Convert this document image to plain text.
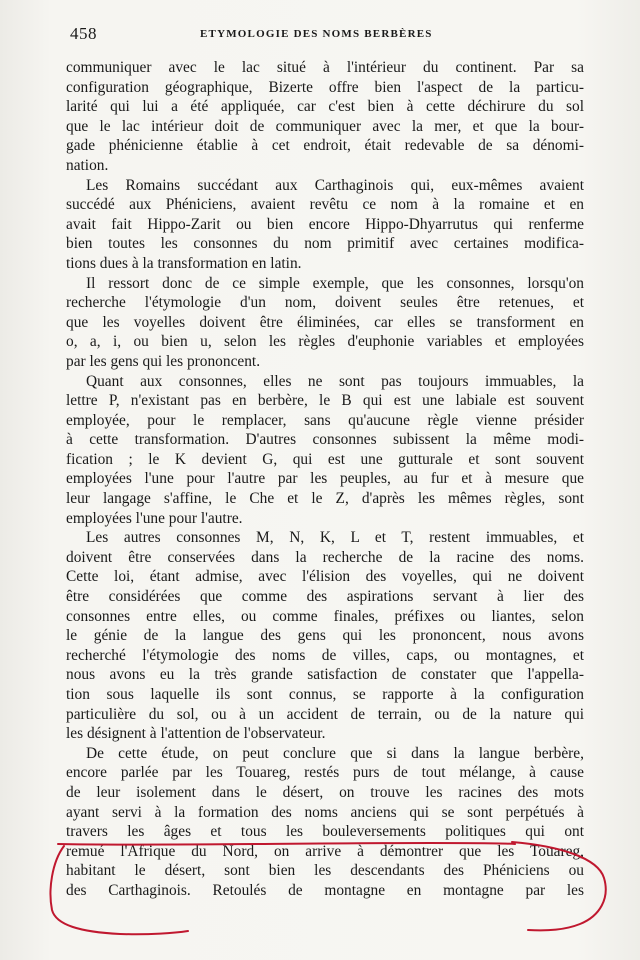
458	ETYMOLOGIE DES NOMS BERBÈRES
communiquer avec le lac situé à l'intérieur du continent. Par sa
configuration géographique, Bizerte offre bien l'aspect de la particu-
larité qui lui a été appliquée, car c'est bien à cette déchirure du sol
que le lac intérieur doit de communiquer avec la mer, et que la bour-
gade phénicienne établie à cet endroit, était redevable de sa dénomi-
nation.
Les Romains succédant aux Carthaginois qui, eux-mêmes avaient
succédé aux Phéniciens, avaient revêtu ce nom à la romaine et en
avait fait Hippo-Zarit ou bien encore Hippo-Dhyarrutus qui renferme
bien toutes les consonnes du nom primitif avec certaines modifica-
tions dues à la transformation en latin.
Il ressort donc de ce simple exemple, que les consonnes, lorsqu'on
recherche l'étymologie d'un nom, doivent seules être retenues, et
que les voyelles doivent être éliminées, car elles se transforment en
o, a, i, ou bien u, selon les règles d'euphonie variables et employées
par les gens qui les prononcent.
Quant aux consonnes, elles ne sont pas toujours immuables, la
lettre P, n'existant pas en berbère, le B qui est une labiale est souvent
employée, pour le remplacer, sans qu'aucune règle vienne présider
à cette transformation. D'autres consonnes subissent la même modi-
fication ; le K devient G, qui est une gutturale et sont souvent
employées l'une pour l'autre par les peuples, au fur et à mesure que
leur langage s'affine, le Che et le Z, d'après les mêmes règles, sont
employées l'une pour l'autre.
Les autres consonnes M, N, K, L et T, restent immuables, et
doivent être conservées dans la recherche de la racine des noms.
Cette loi, étant admise, avec l'élision des voyelles, qui ne doivent
être considérées que comme des aspirations servant à lier des
consonnes entre elles, ou comme finales, préfixes ou liantes, selon
le génie de la langue des gens qui les prononcent, nous avons
recherché l'étymologie des noms de villes, caps, ou montagnes, et
nous avons eu la très grande satisfaction de constater que l'appella-
tion sous laquelle ils sont connus, se rapporte à la configuration
particulière du sol, ou à un accident de terrain, ou de la nature qui
les désignent à l'attention de l'observateur.
De cette étude, on peut conclure que si dans la langue berbère,
encore parlée par les Touareg, restés purs de tout mélange, à cause
de leur isolement dans le désert, on trouve les racines des mots
ayant servi à la formation des noms anciens qui se sont perpétués à
travers les âges et tous les bouleversements politiques qui ont
remué l'Afrique du Nord, on arrive à démontrer que les Touareg,
habitant le désert, sont bien les descendants des Phéniciens ou
des Carthaginois. Retoulés de montagne en montagne par les
